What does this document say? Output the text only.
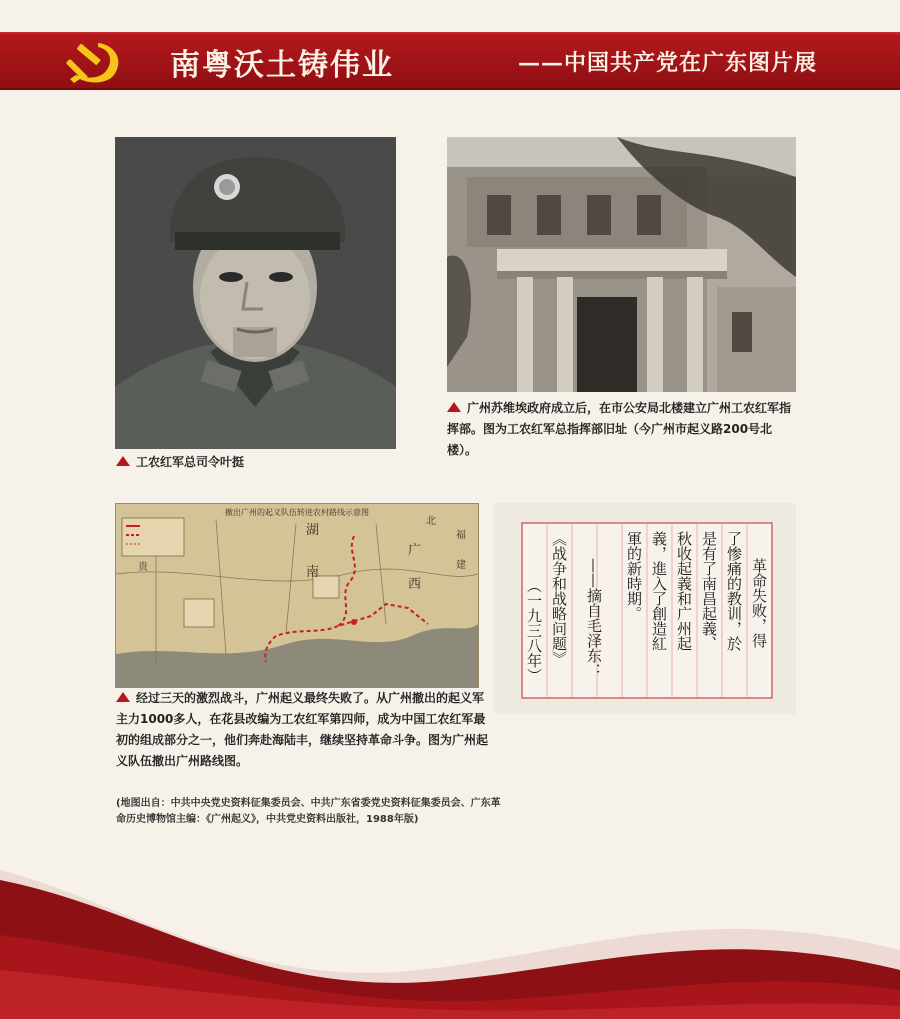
南粤沃土铸伟业	——中国共产党在广东图片展
撤出广州的起义队伍转进农村路线示意图
湖
南
广
西
福
建
贵
北
革命失败，得
了惨痛的教训，於
是有了南昌起義、
秋收起義和广州起
義，進入了創造紅
軍的新時期。
——摘自毛泽东：
《战争和战略问题》
（一九三八年）

工农红军总司令叶挺

广州苏维埃政府成立后，在市公安局北楼建立广州工农红军指挥部。图为工农红军总指挥部旧址（今广州市起义路200号北楼）。

经过三天的激烈战斗，广州起义最终失败了。从广州撤出的起义军主力1000多人，在花县改编为工农红军第四师，成为中国工农红军最初的组成部分之一，他们奔赴海陆丰，继续坚持革命斗争。图为广州起义队伍撤出广州路线图。

(地图出自：中共中央党史资料征集委员会、中共广东省委党史资料征集委员会、广东革命历史博物馆主编：《广州起义》，中共党史资料出版社，1988年版)
